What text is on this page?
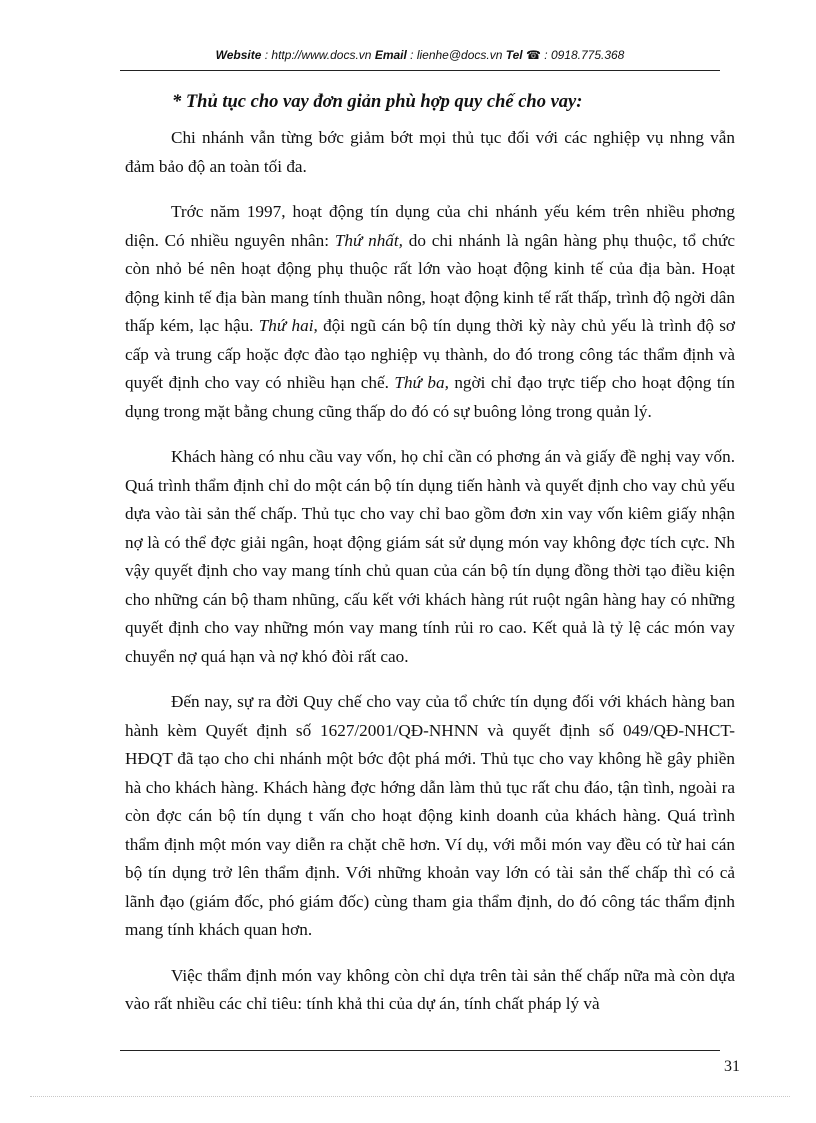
Website : http://www.docs.vn Email : lienhe@docs.vn Tel ☎ : 0918.775.368
* Thủ tục cho vay đơn giản phù hợp quy chế cho vay:

Chi nhánh vẫn từng bớc giảm bớt mọi thủ tục đối với các nghiệp vụ nhng vẫn đảm bảo độ an toàn tối đa.

Trớc năm 1997, hoạt động tín dụng của chi nhánh yếu kém trên nhiều phơng diện. Có nhiều nguyên nhân: Thứ nhất, do chi nhánh là ngân hàng phụ thuộc, tổ chức còn nhỏ bé nên hoạt động phụ thuộc rất lớn vào hoạt động kinh tế của địa bàn. Hoạt động kinh tế địa bàn mang tính thuần nông, hoạt động kinh tế rất thấp, trình độ ngời dân thấp kém, lạc hậu. Thứ hai, đội ngũ cán bộ tín dụng thời kỳ này chủ yếu là trình độ sơ cấp và trung cấp hoặc đợc đào tạo nghiệp vụ thành, do đó trong công tác thẩm định và quyết định cho vay có nhiều hạn chế. Thứ ba, ngời chỉ đạo trực tiếp cho hoạt động tín dụng trong mặt bằng chung cũng thấp do đó có sự buông lỏng trong quản lý.

Khách hàng có nhu cầu vay vốn, họ chỉ cần có phơng án và giấy đề nghị vay vốn. Quá trình thẩm định chỉ do một cán bộ tín dụng tiến hành và quyết định cho vay chủ yếu dựa vào tài sản thế chấp. Thủ tục cho vay chỉ bao gồm đơn xin vay vốn kiêm giấy nhận nợ là có thể đợc giải ngân, hoạt động giám sát sử dụng món vay không đợc tích cực. Nh vậy quyết định cho vay mang tính chủ quan của cán bộ tín dụng đồng thời tạo điều kiện cho những cán bộ tham nhũng, cấu kết với khách hàng rút ruột ngân hàng hay có những quyết định cho vay những món vay mang tính rủi ro cao. Kết quả là tỷ lệ các món vay chuyển nợ quá hạn và nợ khó đòi rất cao.

Đến nay, sự ra đời Quy chế cho vay của tổ chức tín dụng đối với khách hàng ban hành kèm Quyết định số 1627/2001/QĐ-NHNN và quyết định số 049/QĐ-NHCT-HĐQT đã tạo cho chi nhánh một bớc đột phá mới. Thủ tục cho vay không hề gây phiền hà cho khách hàng. Khách hàng đợc hớng dẫn làm thủ tục rất chu đáo, tận tình, ngoài ra còn đợc cán bộ tín dụng t vấn cho hoạt động kinh doanh của khách hàng. Quá trình thẩm định một món vay diễn ra chặt chẽ hơn. Ví dụ, với mỗi món vay đều có từ hai cán bộ tín dụng trở lên thẩm định. Với những khoản vay lớn có tài sản thế chấp thì có cả lãnh đạo (giám đốc, phó giám đốc) cùng tham gia thẩm định, do đó công tác thẩm định mang tính khách quan hơn.

Việc thẩm định món vay không còn chỉ dựa trên tài sản thế chấp nữa mà còn dựa vào rất nhiều các chỉ tiêu: tính khả thi của dự án, tính chất pháp lý và

31
